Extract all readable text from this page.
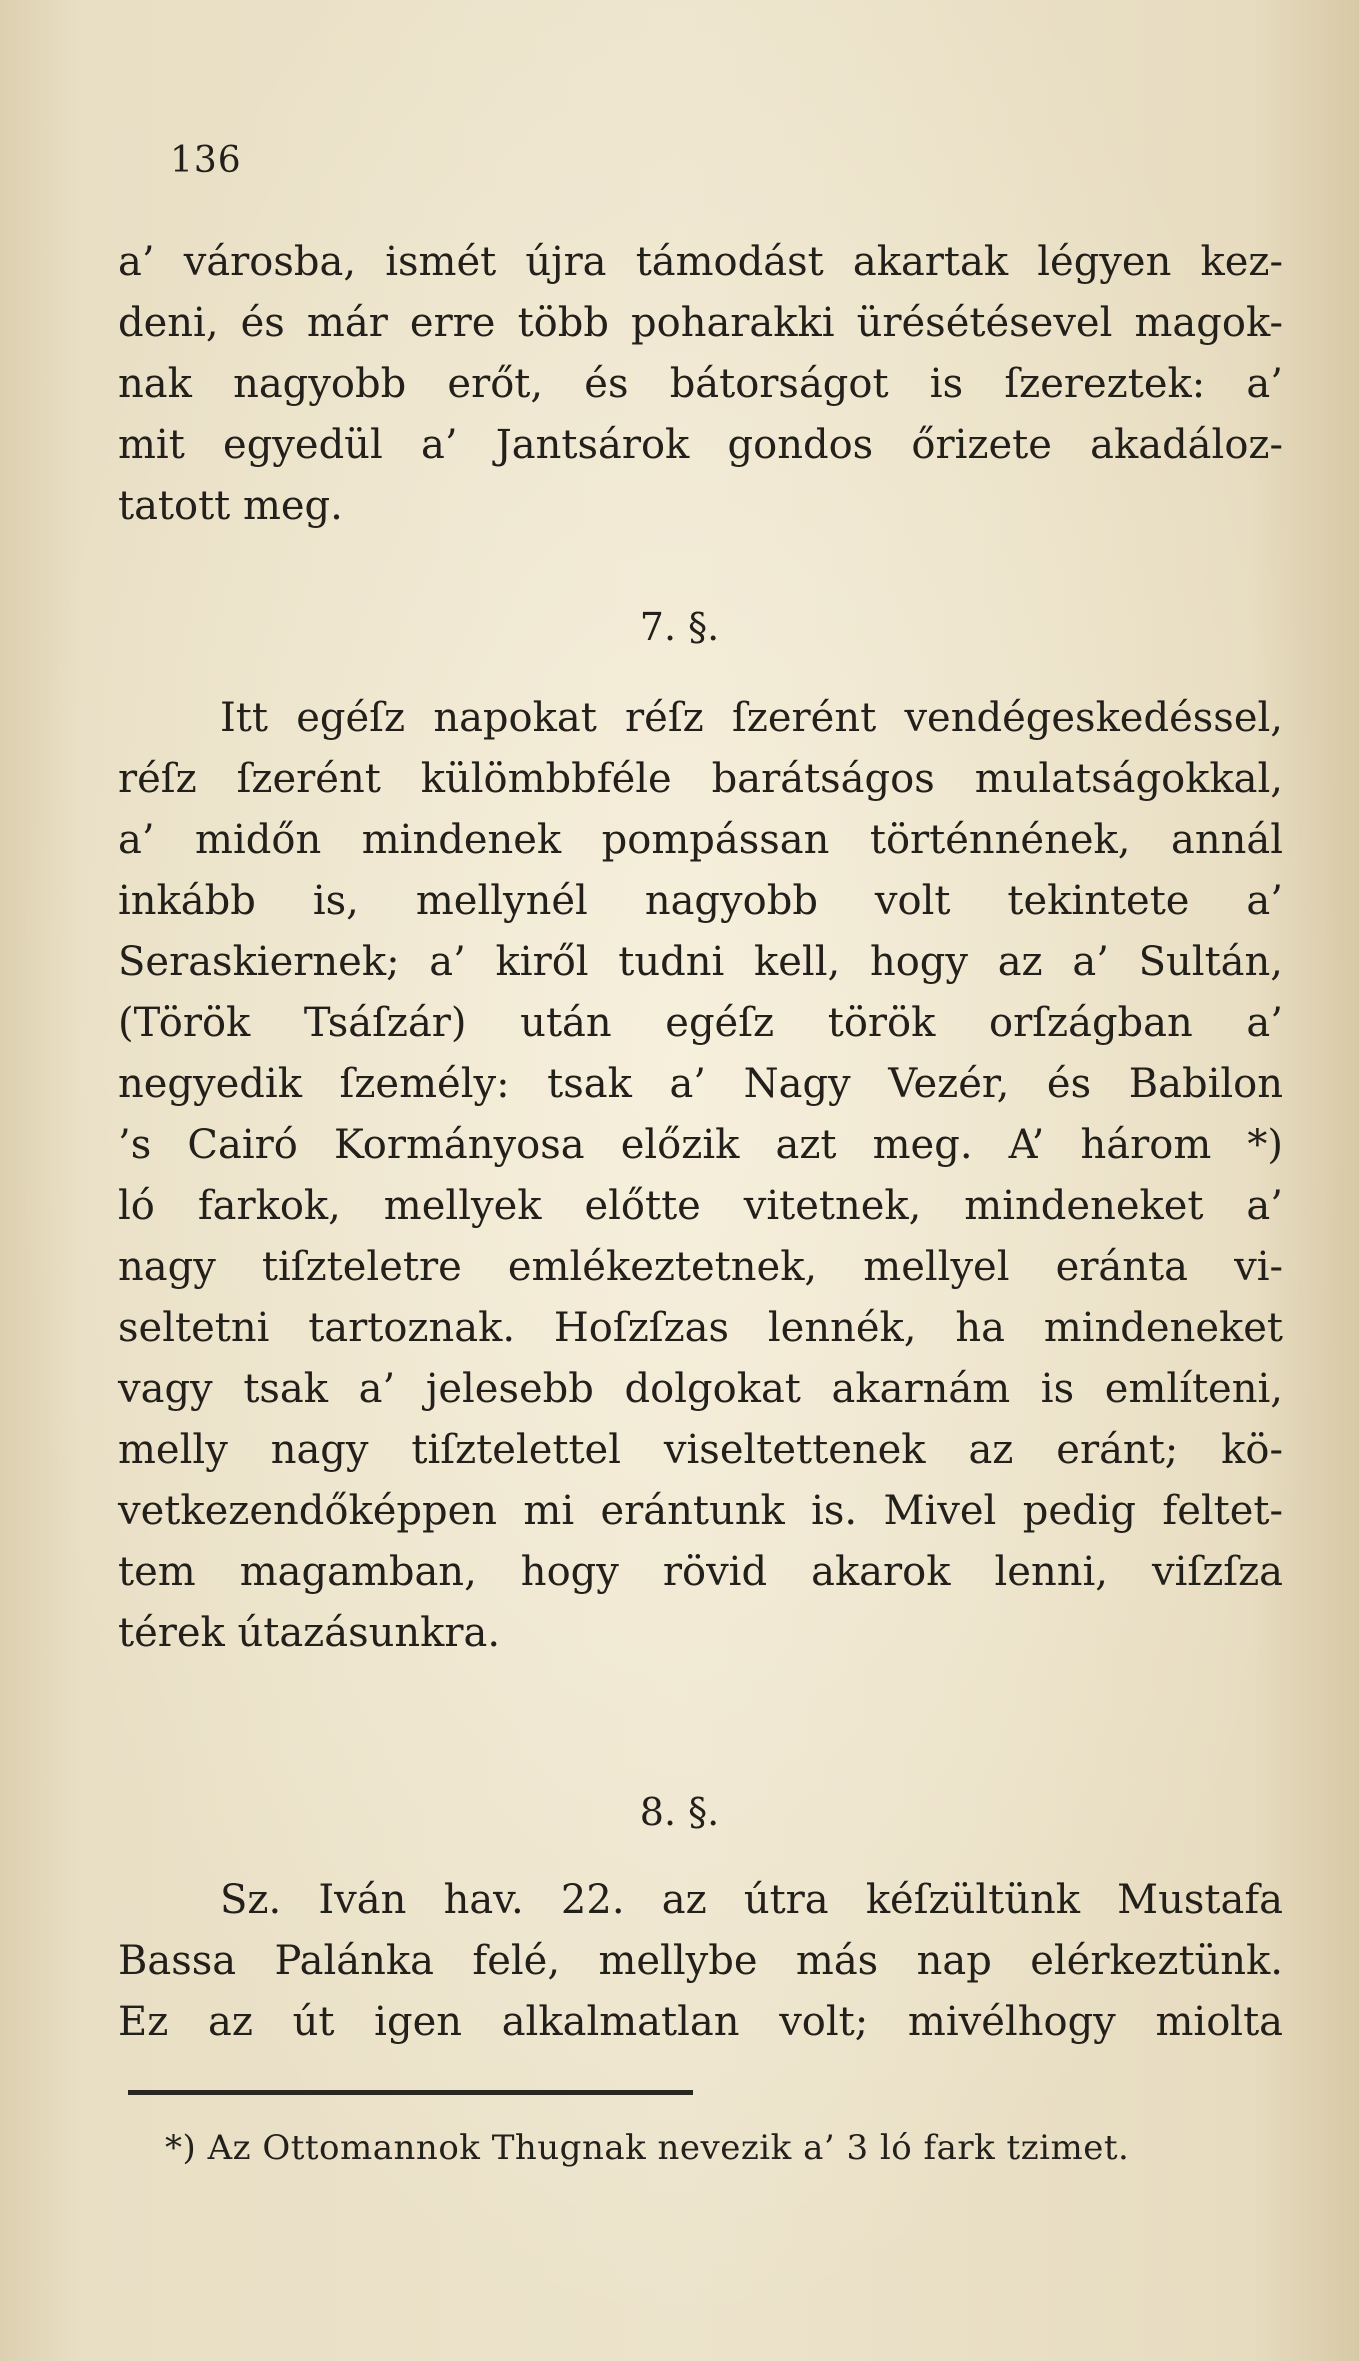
136
a’ városba, ismét újra támodást akartak légyen kez-
deni, és már erre több poharakki ürésétésevel magok-
nak nagyobb erőt, és bátorságot is ſzereztek: a’
mit egyedül a’ Jantsárok gondos őrizete akadáloz-
tatott meg.
7. §.
Itt egéſz napokat réſz ſzerént vendégeskedéssel,
réſz ſzerént külömbbféle barátságos mulatságokkal,
a’ midőn mindenek pompássan történnének, annál
inkább is, mellynél nagyobb volt tekintete a’
Seraskiernek; a’ kiről tudni kell, hogy az a’ Sultán,
(Török Tsáſzár) után egéſz török orſzágban a’
negyedik ſzemély: tsak a’ Nagy Vezér, és Babilon
’s Cairó Kormányosa előzik azt meg. A’ három *)
ló farkok, mellyek előtte vitetnek, mindeneket a’
nagy tiſzteletre emlékeztetnek, mellyel eránta vi-
seltetni tartoznak. Hoſzſzas lennék, ha mindeneket
vagy tsak a’ jelesebb dolgokat akarnám is említeni,
melly nagy tiſztelettel viseltettenek az eránt; kö-
vetkezendőképpen mi erántunk is. Mivel pedig feltet-
tem magamban, hogy rövid akarok lenni, viſzſza
térek útazásunkra.
8. §.
Sz. Iván hav. 22. az útra kéſzültünk Mustafa
Bassa Palánka felé, mellybe más nap elérkeztünk.
Ez az út igen alkalmatlan volt; mivélhogy miolta
*) Az Ottomannok Thugnak nevezik a’ 3 ló fark tzimet.
